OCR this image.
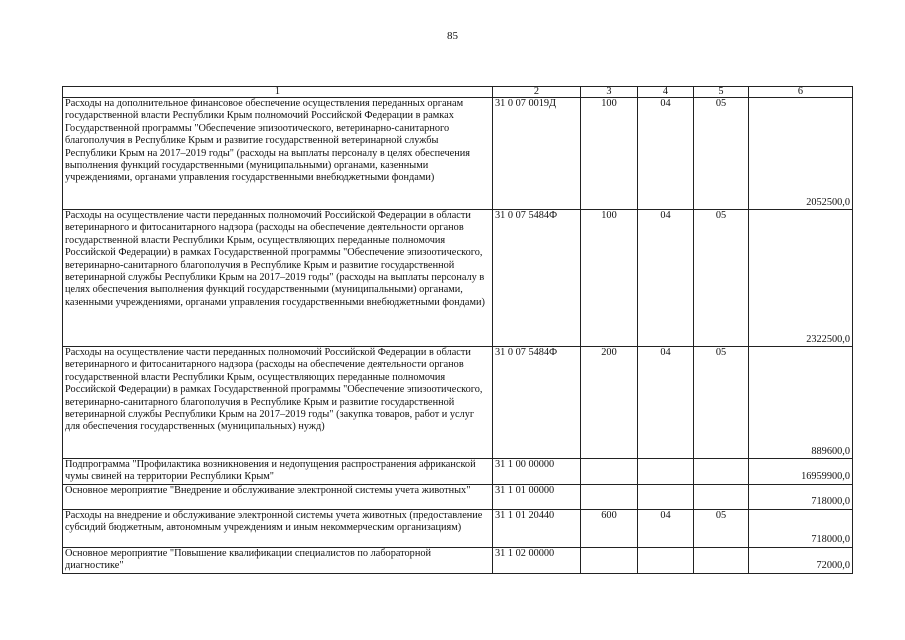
85
1	2	3	4	5	6
Расходы на дополнительное финансовое обеспечение осуществления переданных органам государственной власти Республики Крым полномочий Российской Федерации в рамках Государственной программы "Обеспечение эпизоотического, ветеринарно-санитарного благополучия в Республике Крым и развитие государственной ветеринарной службы Республики Крым на 2017–2019 годы" (расходы на выплаты персоналу в целях обеспечения выполнения функций государственными (муниципальными) органами, казенными учреждениями, органами управления государственными внебюджетными фондами)	31 0 07 0019Д	100	04	05	2052500,0
Расходы на осуществление части переданных полномочий Российской Федерации в области ветеринарного и фитосанитарного надзора (расходы на обеспечение деятельности органов государственной власти Республики Крым, осуществляющих переданные полномочия Российской Федерации) в рамках Государственной программы "Обеспечение эпизоотического, ветеринарно-санитарного благополучия в Республике Крым и развитие государственной ветеринарной службы Республики Крым на 2017–2019 годы" (расходы на выплаты персоналу в целях обеспечения выполнения функций государственными (муниципальными) органами, казенными учреждениями, органами управления государственными внебюджетными фондами)	31 0 07 5484Ф	100	04	05	2322500,0
Расходы на осуществление части переданных полномочий Российской Федерации в области ветеринарного и фитосанитарного надзора (расходы на обеспечение деятельности органов государственной власти Республики Крым, осуществляющих переданные полномочия Российской Федерации) в рамках Государственной программы "Обеспечение эпизоотического, ветеринарно-санитарного благополучия в Республике Крым и развитие государственной ветеринарной службы Республики Крым на 2017–2019 годы" (закупка товаров, работ и услуг для обеспечения государственных (муниципальных) нужд)	31 0 07 5484Ф	200	04	05	889600,0
Подпрограмма "Профилактика возникновения и недопущения распространения африканской чумы свиней на территории Республики Крым"	31 1 00 00000				16959900,0
Основное мероприятие "Внедрение и обслуживание электронной системы учета животных"	31 1 01 00000				718000,0
Расходы на внедрение и обслуживание электронной системы учета животных (предоставление субсидий бюджетным, автономным учреждениям и иным некоммерческим организациям)	31 1 01 20440	600	04	05	718000,0
Основное мероприятие "Повышение квалификации специалистов по лабораторной диагностике"	31 1 02 00000				72000,0
